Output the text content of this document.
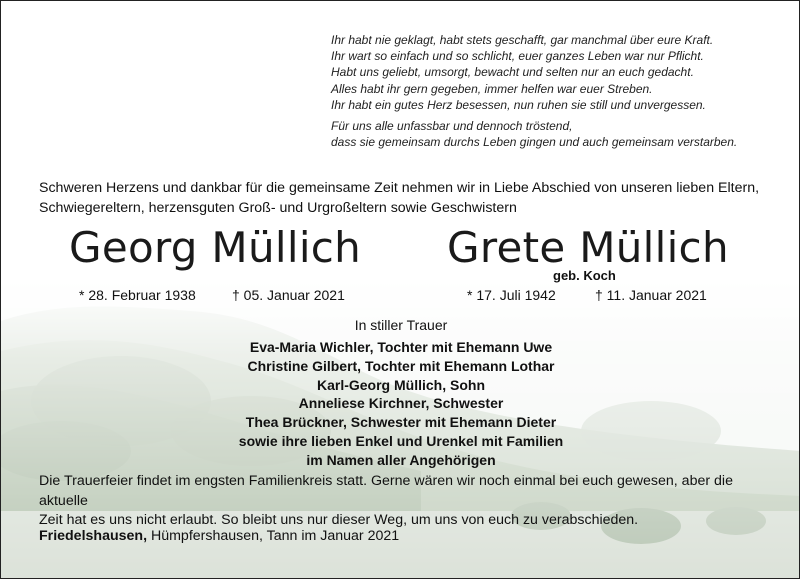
Ihr habt nie geklagt, habt stets geschafft, gar manchmal über eure Kraft.
Ihr wart so einfach und so schlicht, euer ganzes Leben war nur Pflicht.
Habt uns geliebt, umsorgt, bewacht und selten nur an euch gedacht.
Alles habt ihr gern gegeben, immer helfen war euer Streben.
Ihr habt ein gutes Herz besessen, nun ruhen sie still und unvergessen.
Für uns alle unfassbar und dennoch tröstend,
dass sie gemeinsam durchs Leben gingen und auch gemeinsam verstarben.
Schweren Herzens und dankbar für die gemeinsame Zeit nehmen wir in Liebe Abschied von unseren lieben Eltern,
Schwiegereltern, herzensguten Groß- und Urgroßeltern sowie Geschwistern
Georg Müllich Grete Müllich
geb. Koch
* 28. Februar 1938	† 05. Januar 2021	* 17. Juli 1942	† 11. Januar 2021
In stiller Trauer
Eva-Maria Wichler, Tochter mit Ehemann Uwe
Christine Gilbert, Tochter mit Ehemann Lothar
Karl-Georg Müllich, Sohn
Anneliese Kirchner, Schwester
Thea Brückner, Schwester mit Ehemann Dieter
sowie ihre lieben Enkel und Urenkel mit Familien
im Namen aller Angehörigen
Die Trauerfeier findet im engsten Familienkreis statt. Gerne wären wir noch einmal bei euch gewesen, aber die aktuelle
Zeit hat es uns nicht erlaubt. So bleibt uns nur dieser Weg, um uns von euch zu verabschieden.
Friedelshausen, Hümpfershausen, Tann im Januar 2021
